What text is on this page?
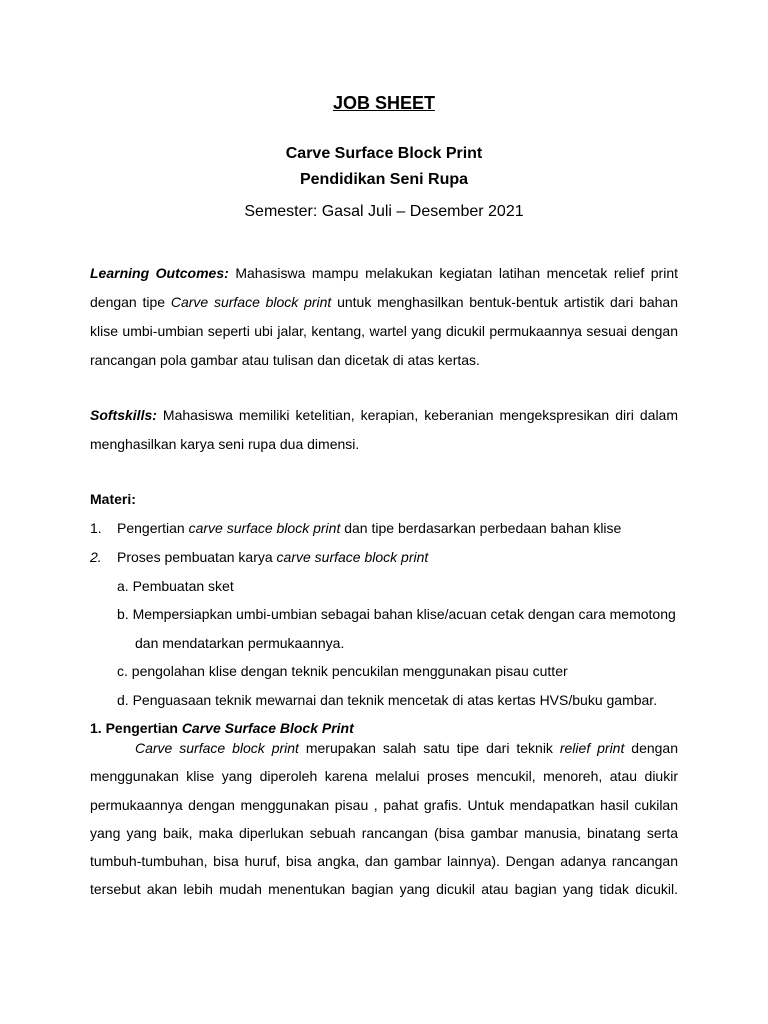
JOB SHEET
Carve Surface Block Print
Pendidikan Seni Rupa
Semester: Gasal Juli – Desember 2021
Learning Outcomes: Mahasiswa mampu melakukan kegiatan latihan mencetak relief print dengan tipe Carve surface block print untuk menghasilkan bentuk-bentuk artistik dari bahan klise umbi-umbian seperti ubi jalar, kentang, wartel yang dicukil permukaannya sesuai dengan rancangan pola gambar atau tulisan dan dicetak di atas kertas.
Softskills: Mahasiswa memiliki ketelitian, kerapian, keberanian mengekspresikan diri dalam menghasilkan karya seni rupa dua dimensi.
Materi:
1. Pengertian carve surface block print dan tipe berdasarkan perbedaan bahan klise
2. Proses pembuatan karya carve surface block print
a. Pembuatan sket
b. Mempersiapkan umbi-umbian sebagai bahan klise/acuan cetak dengan cara memotong
dan mendatarkan permukaannya.
c. pengolahan klise dengan teknik pencukilan menggunakan pisau cutter
d. Penguasaan teknik mewarnai dan teknik mencetak di atas kertas HVS/buku gambar.
1. Pengertian Carve Surface Block Print
Carve surface block print merupakan salah satu tipe dari teknik relief print dengan menggunakan klise yang diperoleh karena melalui proses mencukil, menoreh, atau diukir permukaannya dengan menggunakan pisau , pahat grafis. Untuk mendapatkan hasil cukilan yang yang baik, maka diperlukan sebuah rancangan (bisa gambar manusia, binatang serta tumbuh-tumbuhan, bisa huruf, bisa angka, dan gambar lainnya). Dengan adanya rancangan tersebut akan lebih mudah menentukan bagian yang dicukil atau bagian yang tidak dicukil.
